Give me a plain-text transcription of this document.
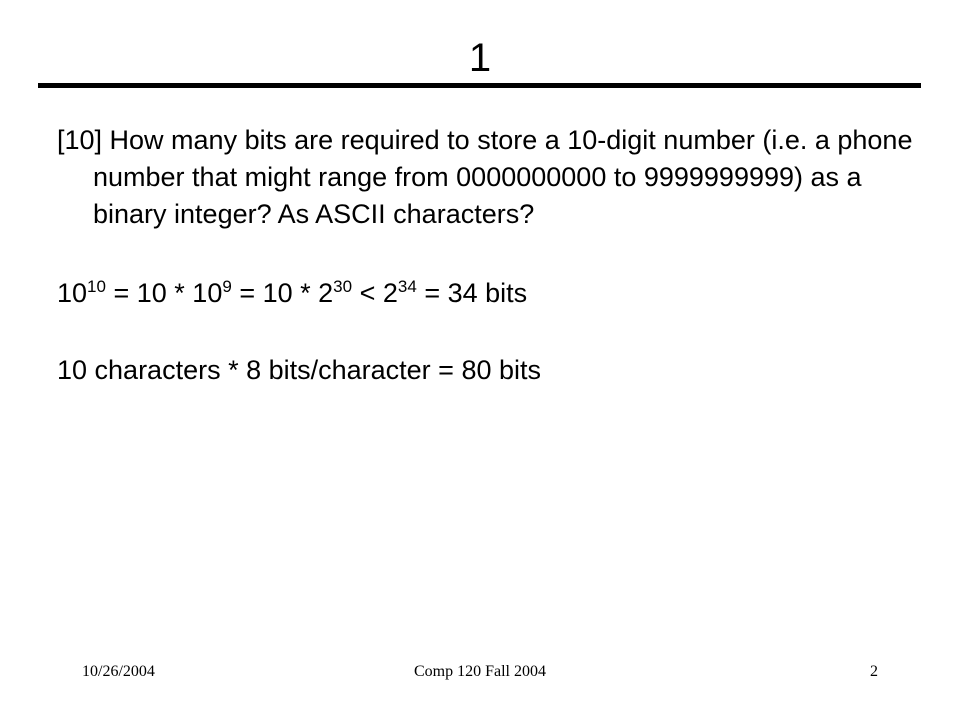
1

[10] How many bits are required to store a 10-digit number (i.e. a phone number that might range from 0000000000 to 9999999999) as a binary integer? As ASCII characters?

$10^{10} = 10 * 10^9 = 10 * 2^{30} < 2^{34} = 34$ bits

10 characters * 8 bits/character = 80 bits

10/26/2004	Comp 120 Fall 2004	2
